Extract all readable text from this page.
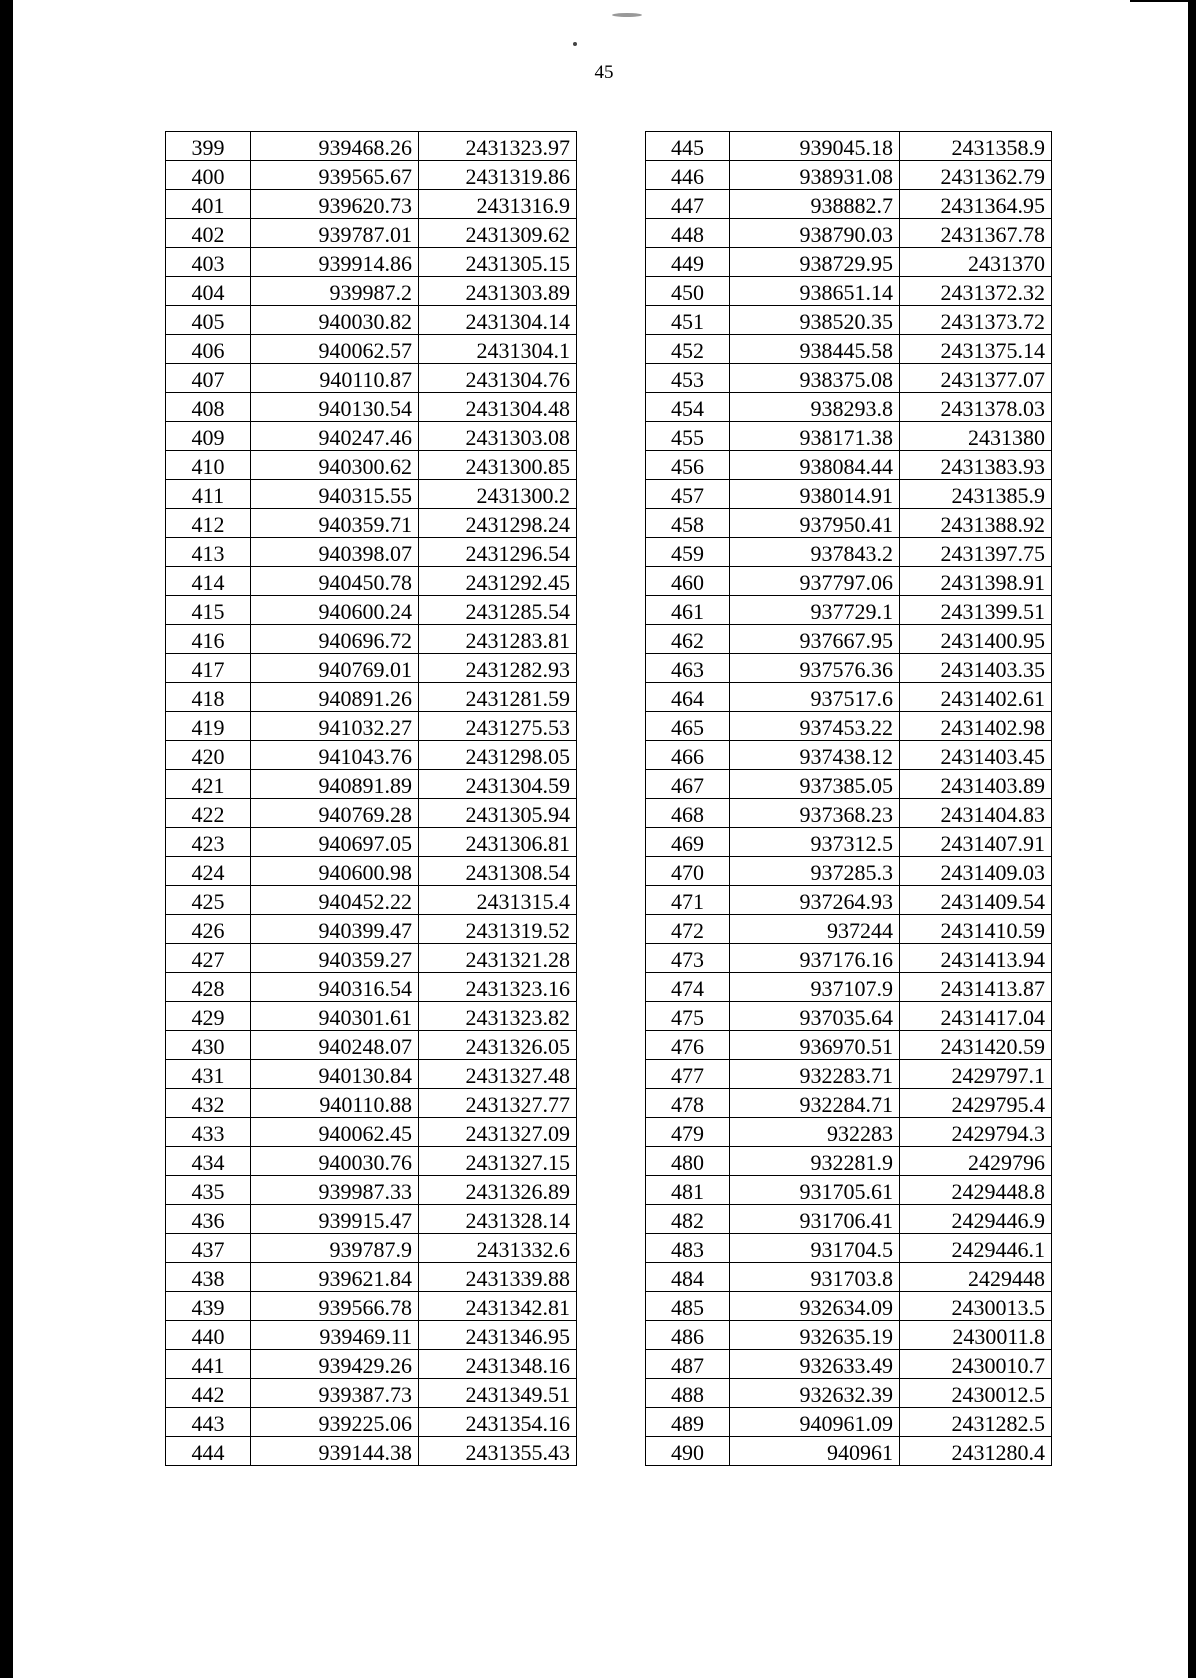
45
399	939468.26	2431323.97
400	939565.67	2431319.86
401	939620.73	2431316.9
402	939787.01	2431309.62
403	939914.86	2431305.15
404	939987.2	2431303.89
405	940030.82	2431304.14
406	940062.57	2431304.1
407	940110.87	2431304.76
408	940130.54	2431304.48
409	940247.46	2431303.08
410	940300.62	2431300.85
411	940315.55	2431300.2
412	940359.71	2431298.24
413	940398.07	2431296.54
414	940450.78	2431292.45
415	940600.24	2431285.54
416	940696.72	2431283.81
417	940769.01	2431282.93
418	940891.26	2431281.59
419	941032.27	2431275.53
420	941043.76	2431298.05
421	940891.89	2431304.59
422	940769.28	2431305.94
423	940697.05	2431306.81
424	940600.98	2431308.54
425	940452.22	2431315.4
426	940399.47	2431319.52
427	940359.27	2431321.28
428	940316.54	2431323.16
429	940301.61	2431323.82
430	940248.07	2431326.05
431	940130.84	2431327.48
432	940110.88	2431327.77
433	940062.45	2431327.09
434	940030.76	2431327.15
435	939987.33	2431326.89
436	939915.47	2431328.14
437	939787.9	2431332.6
438	939621.84	2431339.88
439	939566.78	2431342.81
440	939469.11	2431346.95
441	939429.26	2431348.16
442	939387.73	2431349.51
443	939225.06	2431354.16
444	939144.38	2431355.43
445	939045.18	2431358.9
446	938931.08	2431362.79
447	938882.7	2431364.95
448	938790.03	2431367.78
449	938729.95	2431370
450	938651.14	2431372.32
451	938520.35	2431373.72
452	938445.58	2431375.14
453	938375.08	2431377.07
454	938293.8	2431378.03
455	938171.38	2431380
456	938084.44	2431383.93
457	938014.91	2431385.9
458	937950.41	2431388.92
459	937843.2	2431397.75
460	937797.06	2431398.91
461	937729.1	2431399.51
462	937667.95	2431400.95
463	937576.36	2431403.35
464	937517.6	2431402.61
465	937453.22	2431402.98
466	937438.12	2431403.45
467	937385.05	2431403.89
468	937368.23	2431404.83
469	937312.5	2431407.91
470	937285.3	2431409.03
471	937264.93	2431409.54
472	937244	2431410.59
473	937176.16	2431413.94
474	937107.9	2431413.87
475	937035.64	2431417.04
476	936970.51	2431420.59
477	932283.71	2429797.1
478	932284.71	2429795.4
479	932283	2429794.3
480	932281.9	2429796
481	931705.61	2429448.8
482	931706.41	2429446.9
483	931704.5	2429446.1
484	931703.8	2429448
485	932634.09	2430013.5
486	932635.19	2430011.8
487	932633.49	2430010.7
488	932632.39	2430012.5
489	940961.09	2431282.5
490	940961	2431280.4
